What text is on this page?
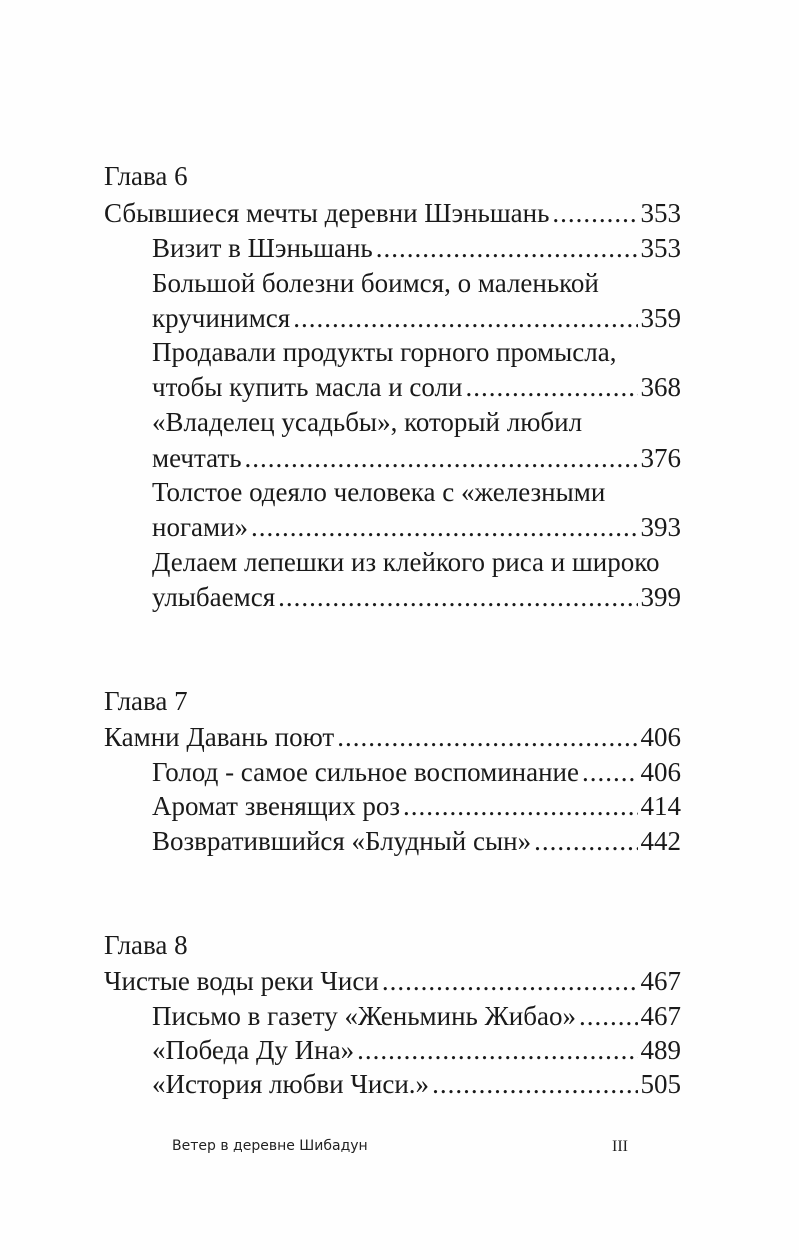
Глава 6
Сбывшиеся мечты деревни Шэньшань .....	353
Визит в Шэньшань .....	353
Большой болезни боимся, о маленькой
кручинимся .....	359
Продавали продукты горного промысла,
чтобы купить масла и соли .....	368
«Владелец усадьбы», который любил
мечтать .....	376
Толстое одеяло человека с «железными
ногами» .....	393
Делаем лепешки из клейкого риса и широко
улыбаемся .....	399
Глава 7
Камни Давань поют .....	406
Голод - самое сильное воспоминание ..... 406
Аромат звенящих роз .....	414
Возвратившийся «Блудный сын» .....	442
Глава 8
Чистые воды реки Чиси .....	467
Письмо в газету «Женьминь Жибао» ..... 467
«Победа Ду Ина» .....	489
«История любви Чиси.» .....	505
Ветер в деревне Шибадун	III
